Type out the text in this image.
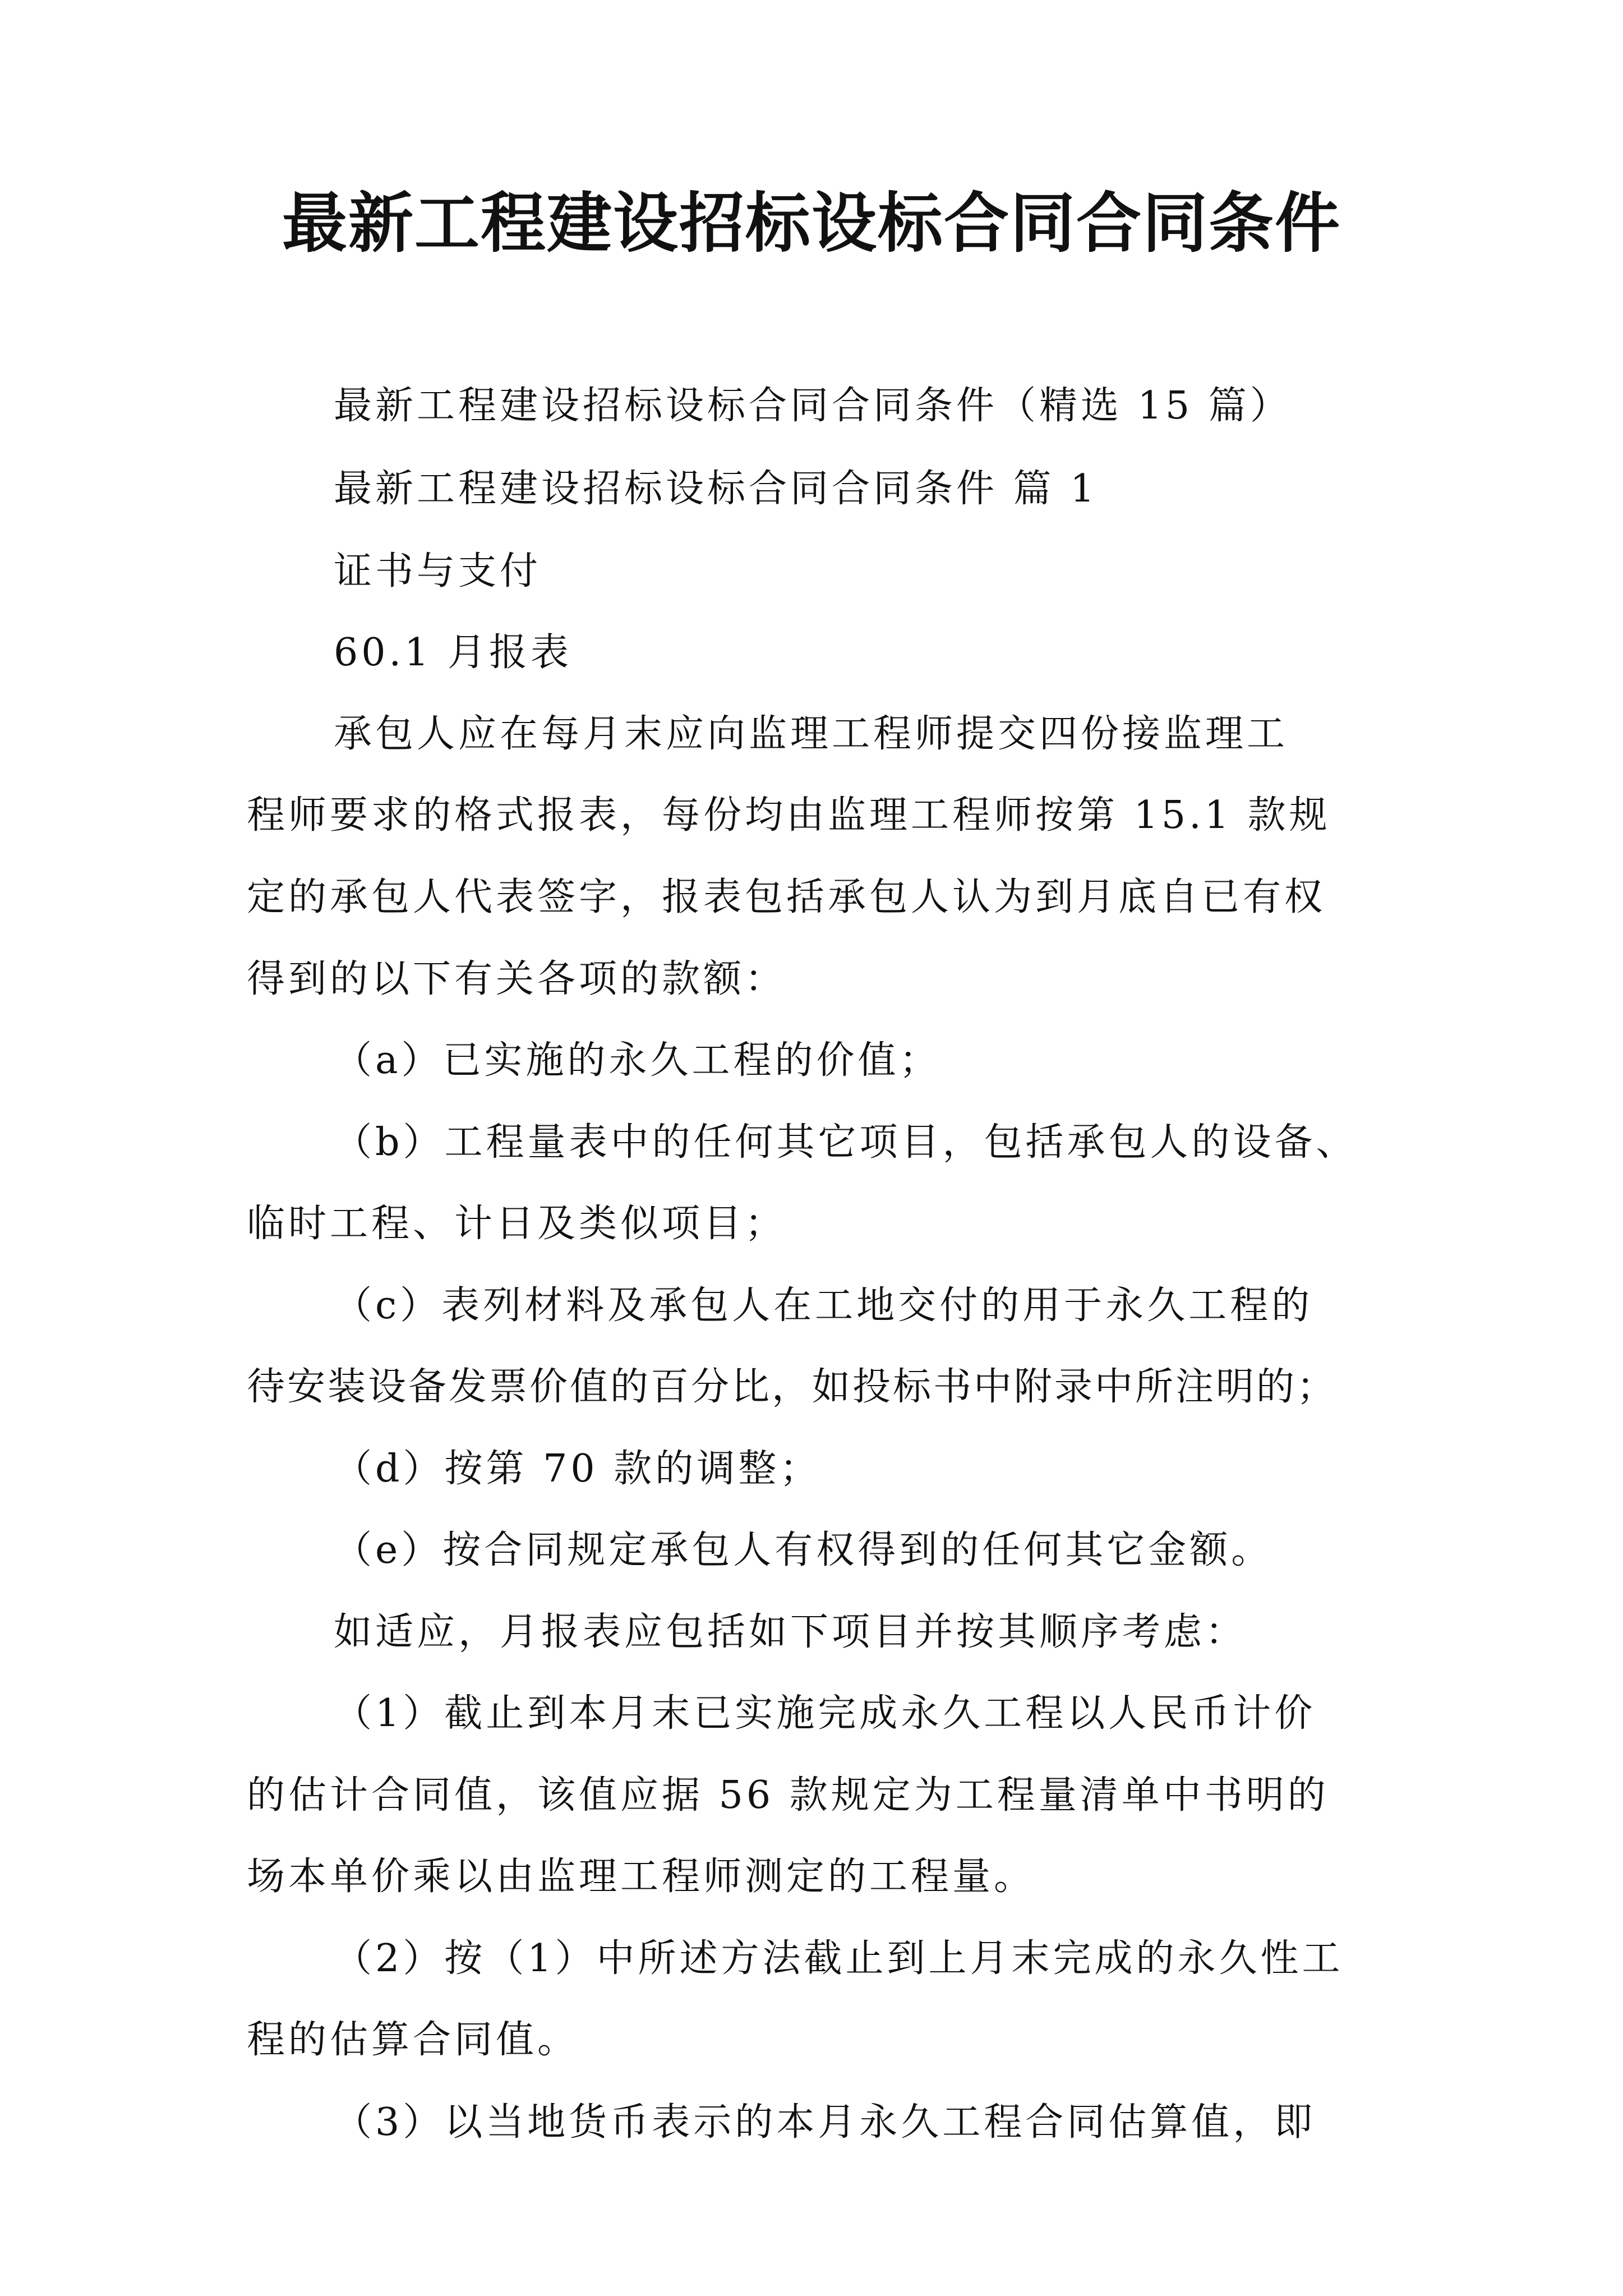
最新工程建设招标设标合同合同条件
最新工程建设招标设标合同合同条件（精选 15 篇）
最新工程建设招标设标合同合同条件 篇 1
证书与支付
60.1 月报表
承包人应在每月末应向监理工程师提交四份接监理工
程师要求的格式报表，每份均由监理工程师按第 15.1 款规
定的承包人代表签字，报表包括承包人认为到月底自已有权
得到的以下有关各项的款额：
（a）已实施的永久工程的价值；
（b）工程量表中的任何其它项目，包括承包人的设备、
临时工程、计日及类似项目；
（c）表列材料及承包人在工地交付的用于永久工程的
待安装设备发票价值的百分比，如投标书中附录中所注明的；
（d）按第 70 款的调整；
（e）按合同规定承包人有权得到的任何其它金额。
如适应，月报表应包括如下项目并按其顺序考虑：
（1）截止到本月末已实施完成永久工程以人民币计价
的估计合同值，该值应据 56 款规定为工程量清单中书明的
场本单价乘以由监理工程师测定的工程量。
（2）按（1）中所述方法截止到上月末完成的永久性工
程的估算合同值。
（3）以当地货币表示的本月永久工程合同估算值，即
